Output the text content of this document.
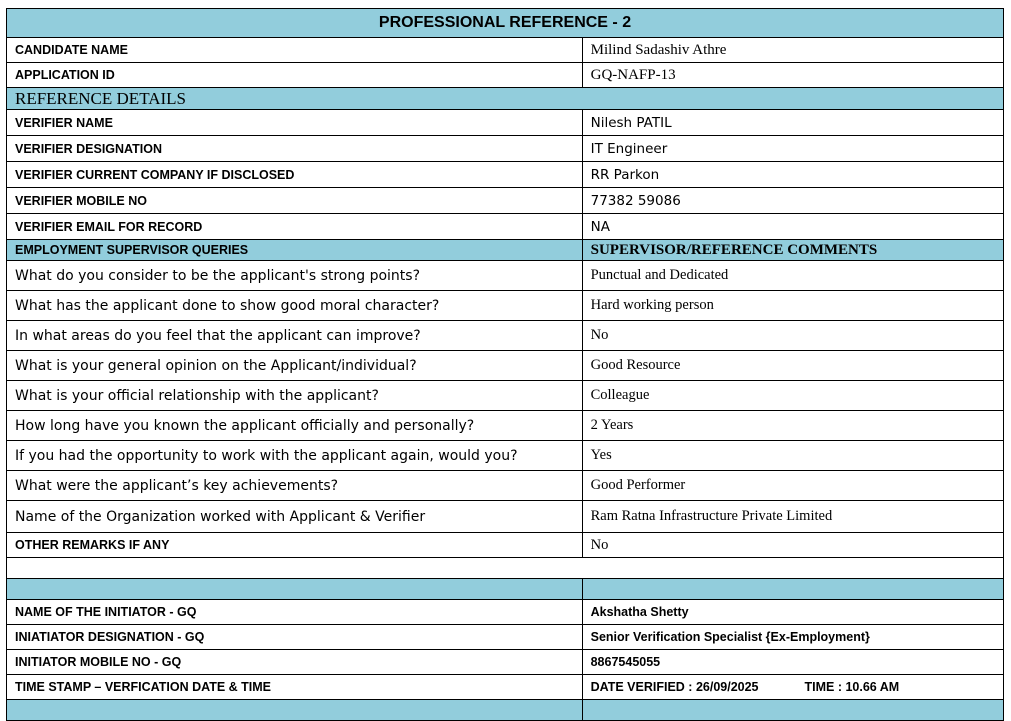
PROFESSIONAL REFERENCE - 2	
CANDIDATE NAME	Milind Sadashiv Athre
APPLICATION ID	GQ-NAFP-13
REFERENCE DETAILS	
VERIFIER NAME	Nilesh PATIL
VERIFIER DESIGNATION	IT Engineer
VERIFIER CURRENT COMPANY IF DISCLOSED	RR Parkon
VERIFIER MOBILE NO	77382 59086
VERIFIER EMAIL FOR RECORD	NA
EMPLOYMENT SUPERVISOR QUERIES	SUPERVISOR/REFERENCE COMMENTS
What do you consider to be the applicant's strong points?	Punctual and Dedicated
What has the applicant done to show good moral character?	Hard working person
In what areas do you feel that the applicant can improve?	No
What is your general opinion on the Applicant/individual?	Good Resource
What is your official relationship with the applicant?	Colleague
How long have you known the applicant officially and personally?	2 Years
If you had the opportunity to work with the applicant again, would you?	Yes
What were the applicant’s key achievements?	Good Performer
Name of the Organization worked with Applicant & Verifier	Ram Ratna Infrastructure Private Limited
OTHER REMARKS IF ANY	No

NAME OF THE INITIATOR - GQ	Akshatha Shetty
INIATIATOR DESIGNATION - GQ	Senior Verification Specialist {Ex-Employment}
INITIATOR MOBILE NO - GQ	8867545055
TIME STAMP – VERFICATION DATE & TIME	DATE VERIFIED : 26/09/2025 TIME : 10.66 AM
